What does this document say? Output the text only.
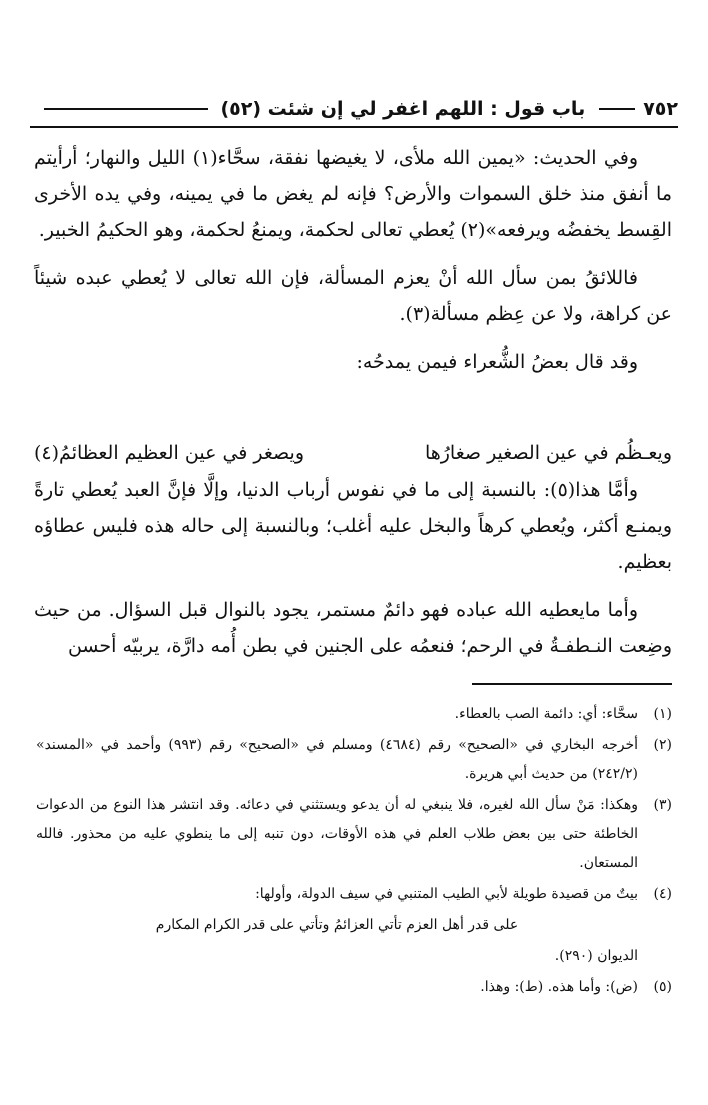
٧٥٢
باب قول : اللهم اغفر لي إن شئت (٥٢)

وفي الحديث: «يمين الله ملأى، لا يغيضها نفقة، سحَّاء(١) الليل والنهار؛ أرأيتم ما أنفق منذ خلق السموات والأرض؟ فإنه لم يغض ما في يمينه، وفي يده الأخرى القِسط يخفضُه ويرفعه»(٢) يُعطي تعالى لحكمة، ويمنعُ لحكمة، وهو الحكيمُ الخبير.

فاللائقُ بمن سأل الله أنْ يعزم المسألة، فإن الله تعالى لا يُعطي عبده شيئاً عن كراهة، ولا عن عِظم مسألة(٣).

وقد قال بعضُ الشُّعراء فيمن يمدحُه:

ويعـظُم في عين الصغير صغارُها
ويصغر في عين العظيم العظائمُ(٤)

وأمَّا هذا(٥): بالنسبة إلى ما في نفوس أرباب الدنيا، وإلَّا فإنَّ العبد يُعطي تارةً ويمنـع أكثر، ويُعطي كرهاً والبخل عليه أغلب؛ وبالنسبة إلى حاله هذه فليس عطاؤه بعظيم.

وأما مايعطيه الله عباده فهو دائمٌ مستمر، يجود بالنوال قبل السؤال. من حيث وضِعت النـطفـةُ في الرحم؛ فنعمُه على الجنين في بطن أُمه دارَّة، يربيّه أحسن

(١)
سحَّاء: أي: دائمة الصب بالعطاء.
(٢)
أخرجه البخاري في «الصحيح» رقم (٤٦٨٤) ومسلم في «الصحيح» رقم (٩٩٣) وأحمد في «المسند» (٢٤٢/٢) من حديث أبي هريرة.
(٣)
وهكذا: مَنْ سأل الله لغيره، فلا ينبغي له أن يدعو ويستثني في دعائه. وقد انتشر هذا النوع من الدعوات الخاطئة حتى بين بعض طلاب العلم في هذه الأوقات، دون تنبه إلى ما ينطوي عليه من محذور. فالله المستعان.
(٤)
بيتٌ من قصيدة طويلة لأبي الطيب المتنبي في سيف الدولة، وأولها:
على قدر أهل العزم تأتي العزائمُ وتأتي على قدر الكرام المكارم
الديوان (٢٩٠).
(٥)
(ض): وأما هذه. (ط): وهذا.
